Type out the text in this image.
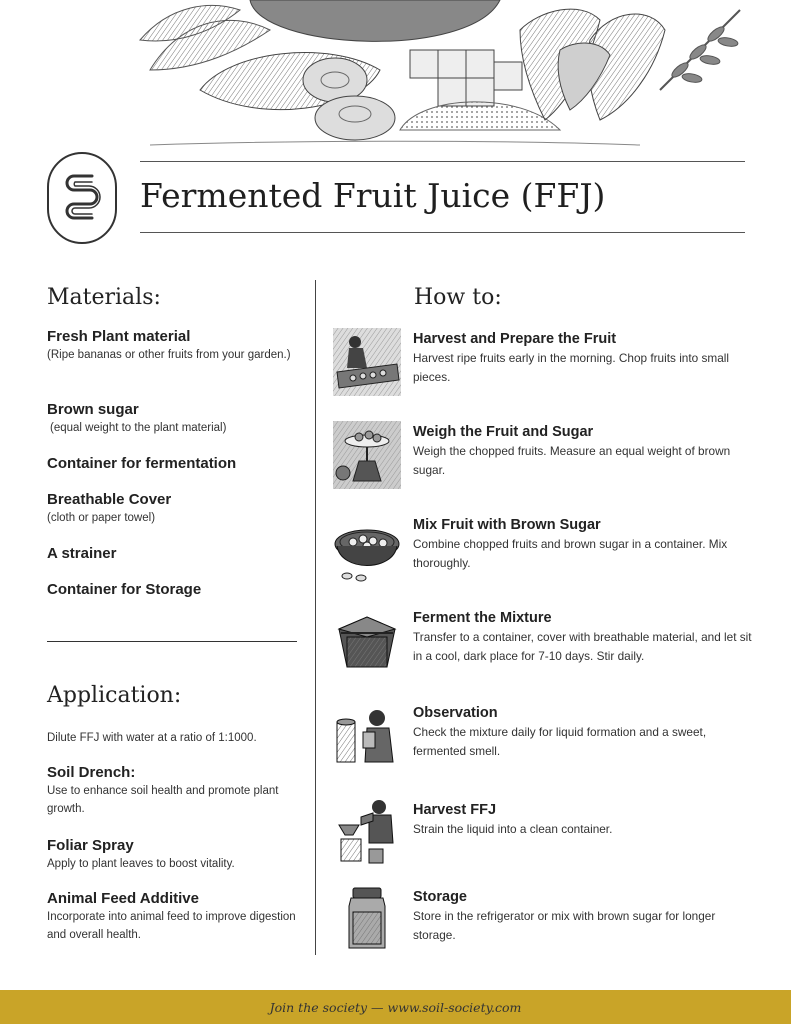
Fermented Fruit Juice (FFJ)
Materials:
Fresh Plant material
(Ripe bananas or other fruits from your garden.)
Brown sugar
(equal weight to the plant material)
Container for fermentation
Breathable Cover
(cloth or paper towel)
A strainer
Container for Storage
Application:
Dilute FFJ with water at a ratio of 1:1000.
Soil Drench:
Use to enhance soil health and promote plant growth.
Foliar Spray
Apply to plant leaves to boost vitality.
Animal Feed Additive
Incorporate into animal feed to improve digestion and overall health.
How to:
Harvest and Prepare the Fruit
Harvest ripe fruits early in the morning. Chop fruits into small pieces.
Weigh the Fruit and Sugar
Weigh the chopped fruits. Measure an equal weight of brown sugar.
Mix Fruit with Brown Sugar
Combine chopped fruits and brown sugar in a container. Mix thoroughly.
Ferment the Mixture
Transfer to a container, cover with breathable material, and let sit in a cool, dark place for 7-10 days. Stir daily.
Observation
Check the mixture daily for liquid formation and a sweet, fermented smell.
Harvest FFJ
Strain the liquid into a clean container.
Storage
Store in the refrigerator or mix with brown sugar for longer storage.
Join the society — www.soil-society.com
